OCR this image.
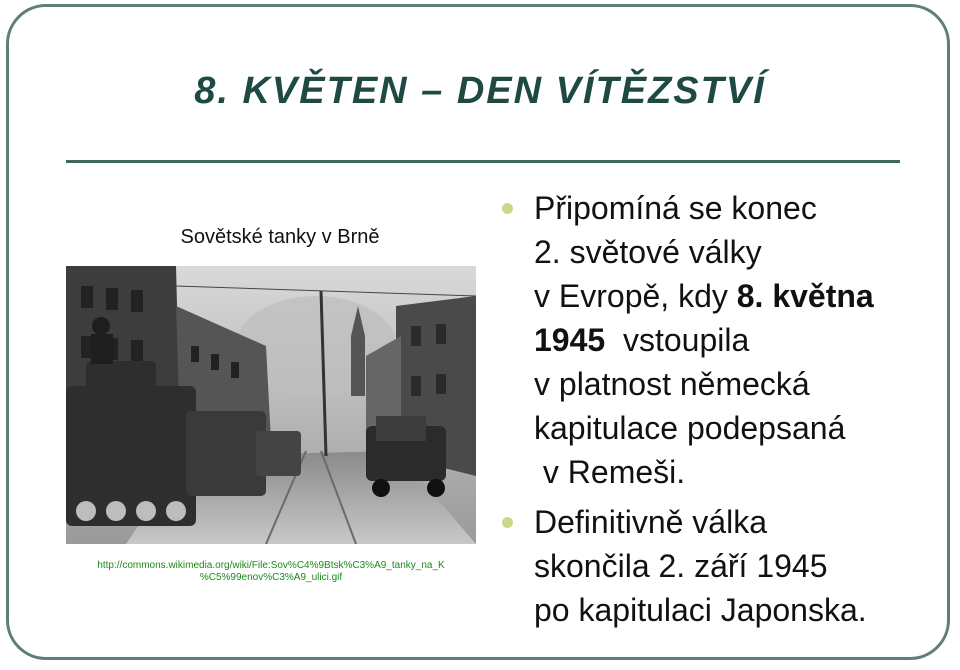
8. KVĚTEN – DEN VÍTĚZSTVÍ
Sovětské tanky v Brně
http://commons.wikimedia.org/wiki/File:Sov%C4%9Btsk%C3%A9_tanky_na_K
%C5%99enov%C3%A9_ulici.gif
Připomíná se konec
2. světové války
v Evropě, kdy 8. května
1945  vstoupila
v platnost německá
kapitulace podepsaná
v Remeši.
Definitivně válka
skončila 2. září 1945
po kapitulaci Japonska.
